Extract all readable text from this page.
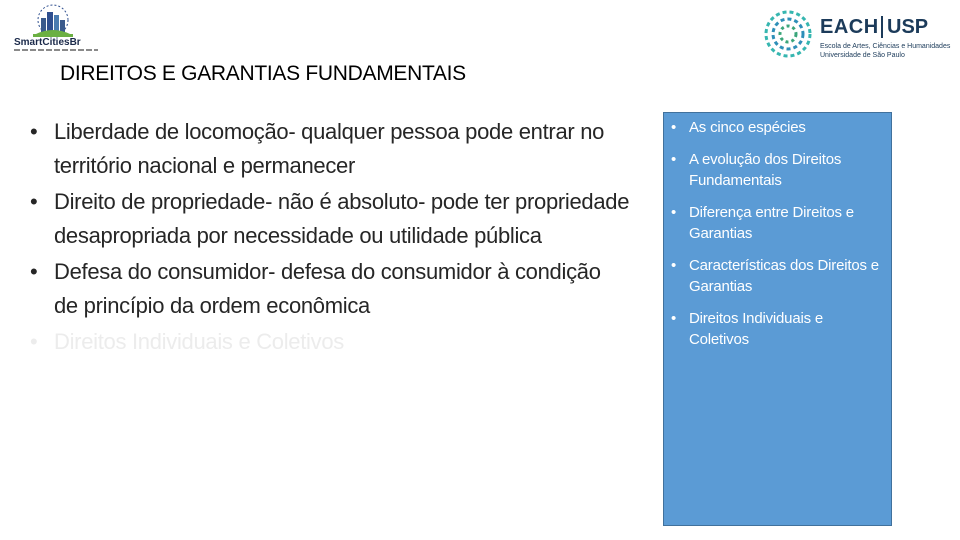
SmartCitiesBr
EACH USP
Escola de Artes, Ciências e Humanidades Universidade de São Paulo
DIREITOS E GARANTIAS FUNDAMENTAIS
• Liberdade de locomoção- qualquer pessoa pode entrar no território nacional e permanecer
• Direito de propriedade- não é absoluto- pode ter propriedade desapropriada por necessidade ou utilidade pública
• Defesa do consumidor- defesa do consumidor à condição de princípio da ordem econômica
• Direitos Individuais e Coletivos
• As cinco espécies
• A evolução dos Direitos Fundamentais
• Diferença entre Direitos e Garantias
• Características dos Direitos e Garantias
• Direitos Individuais e Coletivos
